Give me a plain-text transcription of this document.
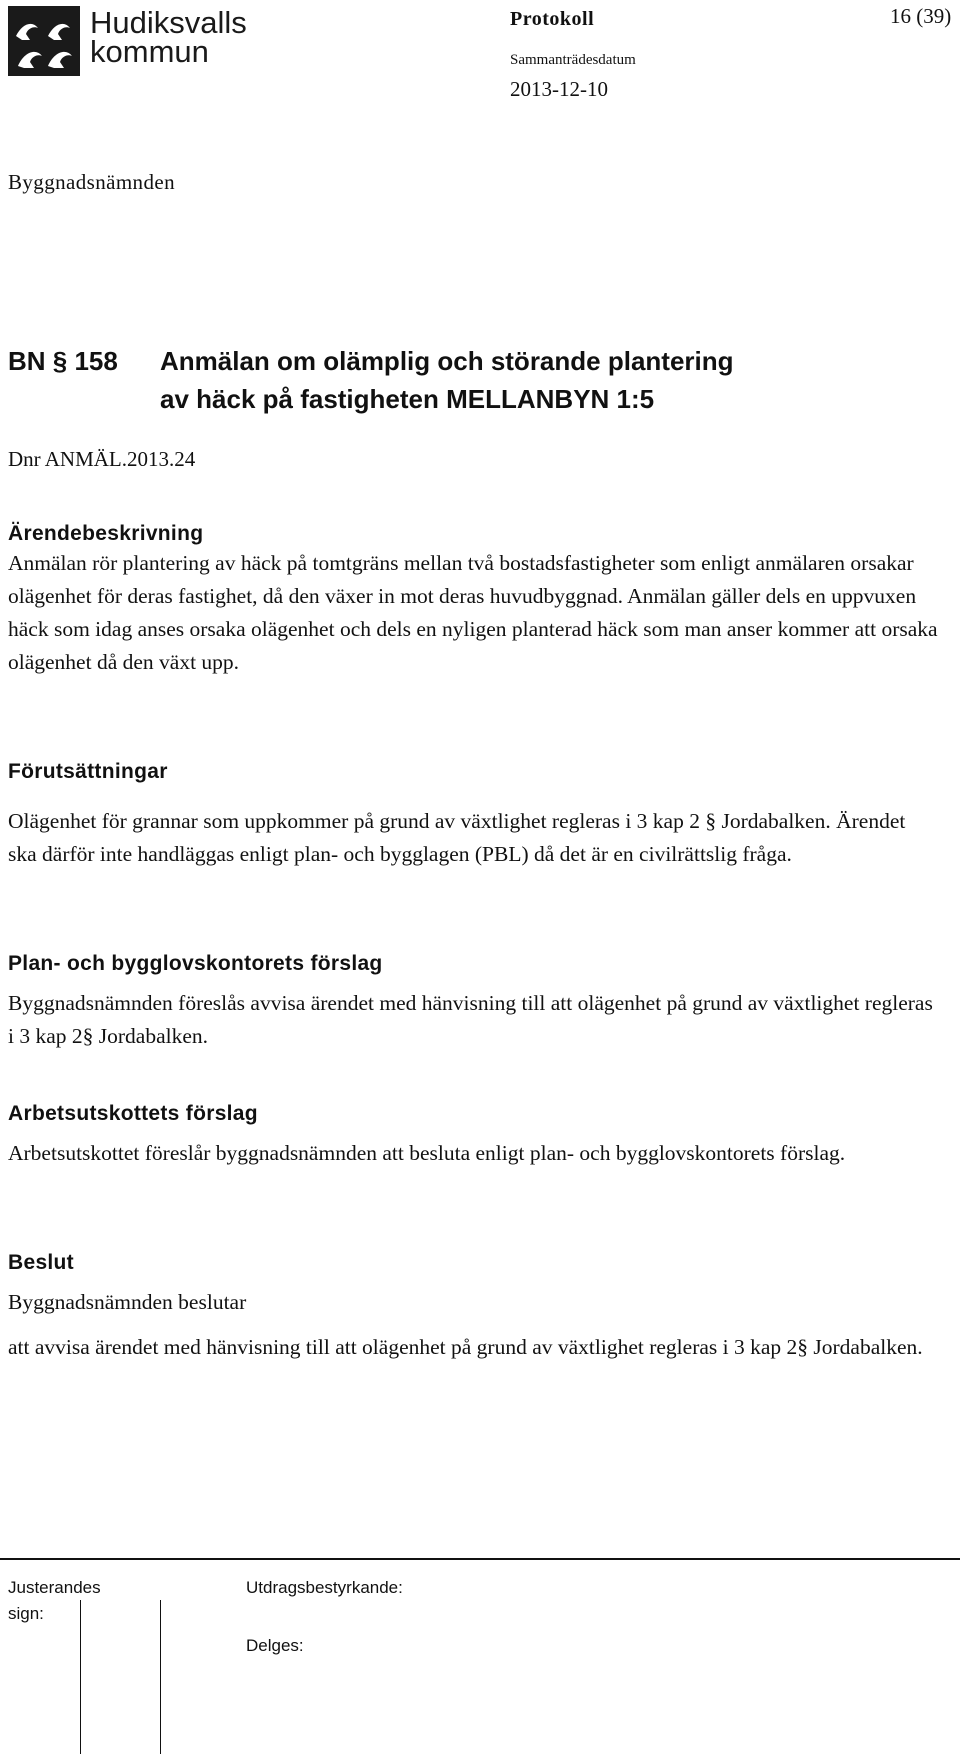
Hudiksvalls
kommun
Protokoll	16 (39)
Sammanträdesdatum
2013-12-10
Byggnadsnämnden
BN § 158 Anmälan om olämplig och störande plantering
av häck på fastigheten MELLANBYN 1:5
Dnr ANMÄL.2013.24
Ärendebeskrivning
Anmälan rör plantering av häck på tomtgräns mellan två bostadsfastigheter som enligt anmälaren orsakar olägenhet för deras fastighet, då den växer in mot deras huvudbyggnad. Anmälan gäller dels en uppvuxen häck som idag anses orsaka olägenhet och dels en nyligen planterad häck som man anser kommer att orsaka olägenhet då den växt upp.
Förutsättningar
Olägenhet för grannar som uppkommer på grund av växtlighet regleras i 3 kap 2 § Jordabalken. Ärendet ska därför inte handläggas enligt plan- och bygglagen (PBL) då det är en civilrättslig fråga.
Plan- och bygglovskontorets förslag
Byggnadsnämnden föreslås avvisa ärendet med hänvisning till att olägenhet på grund av växtlighet regleras i 3 kap 2§ Jordabalken.
Arbetsutskottets förslag
Arbetsutskottet föreslår byggnadsnämnden att besluta enligt plan- och bygglovskontorets förslag.
Beslut
Byggnadsnämnden beslutar
att avvisa ärendet med hänvisning till att olägenhet på grund av växtlighet regleras i 3 kap 2§ Jordabalken.
Justerandes sign:
Utdragsbestyrkande:
Delges:
